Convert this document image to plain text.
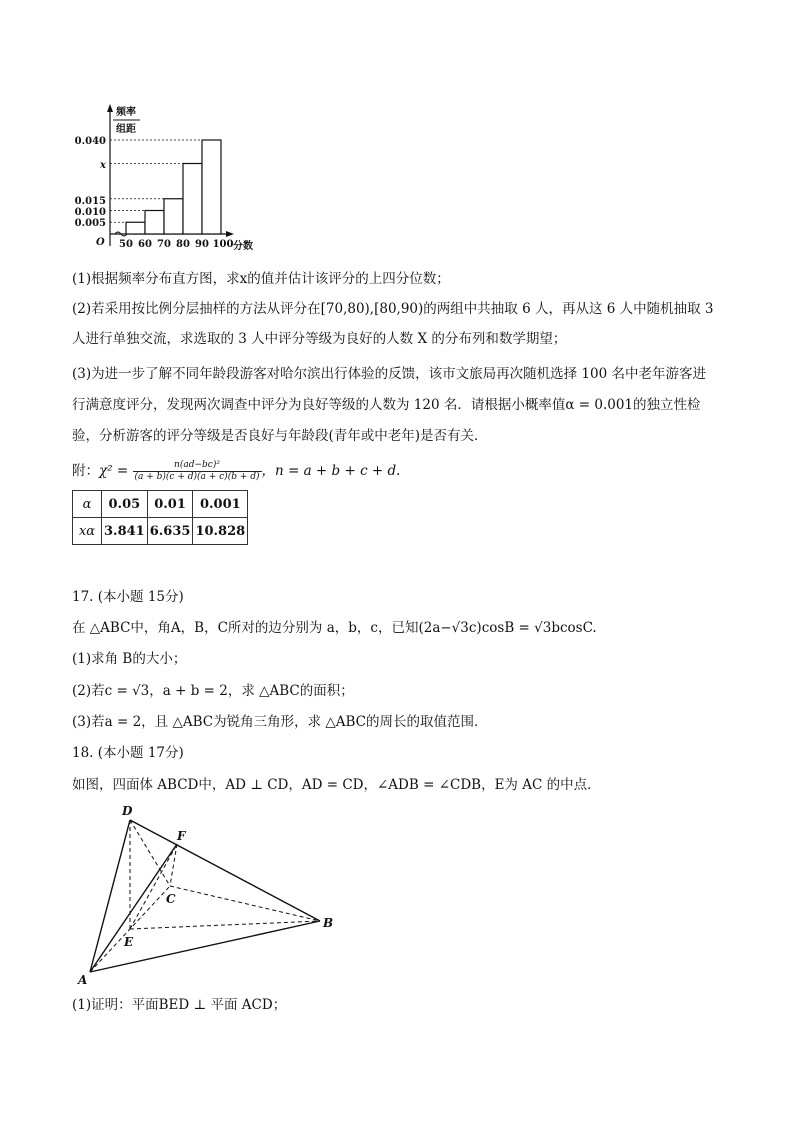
频率
组距
0.040
x
0.015
0.010
0.005
O 50 60 70 80 90 100 分数
(1)根据频率分布直方图，求x的值并估计该评分的上四分位数；
(2)若采用按比例分层抽样的方法从评分在[70,80),[80,90)的两组中共抽取 6 人，再从这 6 人中随机抽取 3
人进行单独交流，求选取的 3 人中评分等级为良好的人数 X 的分布列和数学期望；
(3)为进一步了解不同年龄段游客对哈尔滨出行体验的反馈，该市文旅局再次随机选择 100 名中老年游客进
行满意度评分，发现两次调查中评分为良好等级的人数为 120 名．请根据小概率值α = 0.001的独立性检
验，分析游客的评分等级是否良好与年龄段(青年或中老年)是否有关．
附：$\chi^2 = \frac{\text{n(ad−bc)²}}{(a + b)(c + d)(a + c)(b + d)}$ ，n = a + b + c + d.
α	0.05	0.01	0.001
xα	3.841	6.635	10.828
17. (本小题 15分)
在 △ABC中，角A，B，C所对的边分别为 a，b，c，已知(2a−√3c)cosB = √3bcosC.
(1)求角 B的大小；
(2)若c = √3，a + b = 2，求 △ABC的面积；
(3)若a = 2，且 △ABC为锐角三角形，求 △ABC的周长的取值范围．
18. (本小题 17分)
如图，四面体 ABCD中，AD ⊥ CD，AD = CD，∠ADB = ∠CDB，E为 AC 的中点．
D
F
C
B
E
A
(1)证明：平面BED ⊥ 平面 ACD；
